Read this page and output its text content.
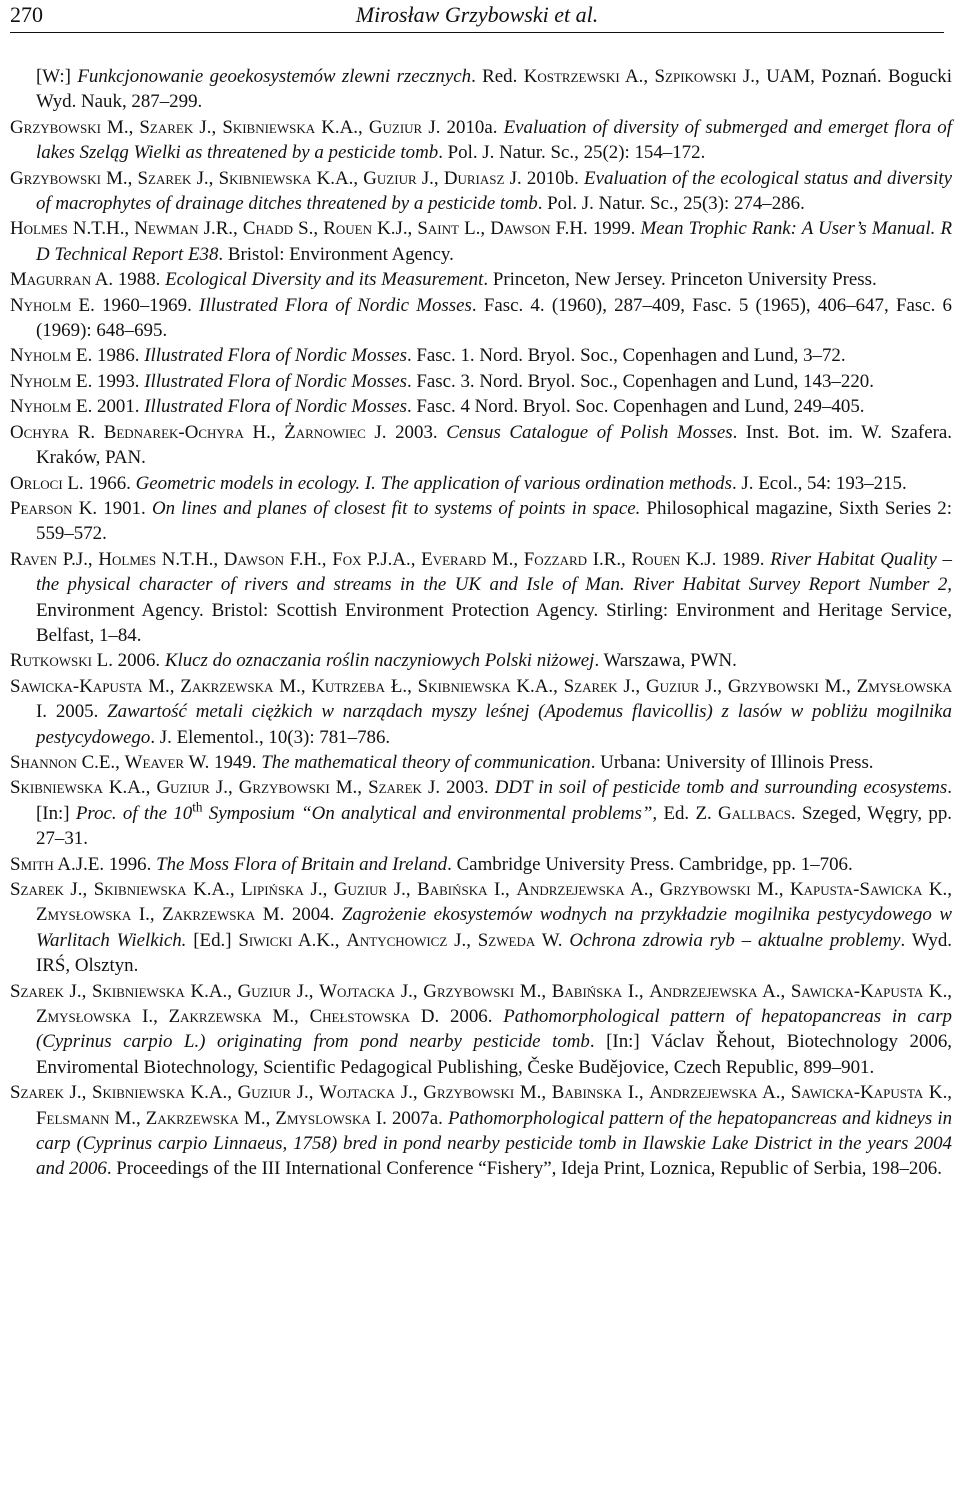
270	Mirosław Grzybowski et al.

[W:] Funkcjonowanie geoekosystemów zlewni rzecznych. Red. Kostrzewski A., Szpikowski J., UAM, Poznań. Bogucki Wyd. Nauk, 287–299.

Grzybowski M., Szarek J., Skibniewska K.A., Guziur J. 2010a. Evaluation of diversity of submerged and emerget flora of lakes Szeląg Wielki as threatened by a pesticide tomb. Pol. J. Natur. Sc., 25(2): 154–172.

Grzybowski M., Szarek J., Skibniewska K.A., Guziur J., Duriasz J. 2010b. Evaluation of the ecological status and diversity of macrophytes of drainage ditches threatened by a pesticide tomb. Pol. J. Natur. Sc., 25(3): 274–286.

Holmes N.T.H., Newman J.R., Chadd S., Rouen K.J., Saint L., Dawson F.H. 1999. Mean Trophic Rank: A User’s Manual. R D Technical Report E38. Bristol: Environment Agency.

Magurran A. 1988. Ecological Diversity and its Measurement. Princeton, New Jersey. Princeton University Press.

Nyholm E. 1960–1969. Illustrated Flora of Nordic Mosses. Fasc. 4. (1960), 287–409, Fasc. 5 (1965), 406–647, Fasc. 6 (1969): 648–695.

Nyholm E. 1986. Illustrated Flora of Nordic Mosses. Fasc. 1. Nord. Bryol. Soc., Copenhagen and Lund, 3–72.

Nyholm E. 1993. Illustrated Flora of Nordic Mosses. Fasc. 3. Nord. Bryol. Soc., Copenhagen and Lund, 143–220.

Nyholm E. 2001. Illustrated Flora of Nordic Mosses. Fasc. 4 Nord. Bryol. Soc. Copenhagen and Lund, 249–405.

Ochyra R. Bednarek-Ochyra H., Żarnowiec J. 2003. Census Catalogue of Polish Mosses. Inst. Bot. im. W. Szafera. Kraków, PAN.

Orloci L. 1966. Geometric models in ecology. I. The application of various ordination methods. J. Ecol., 54: 193–215.

Pearson K. 1901. On lines and planes of closest fit to systems of points in space. Philosophical magazine, Sixth Series 2: 559–572.

Raven P.J., Holmes N.T.H., Dawson F.H., Fox P.J.A., Everard M., Fozzard I.R., Rouen K.J. 1989. River Habitat Quality – the physical character of rivers and streams in the UK and Isle of Man. River Habitat Survey Report Number 2, Environment Agency. Bristol: Scottish Environment Protection Agency. Stirling: Environment and Heritage Service, Belfast, 1–84.

Rutkowski L. 2006. Klucz do oznaczania roślin naczyniowych Polski niżowej. Warszawa, PWN.

Sawicka-Kapusta M., Zakrzewska M., Kutrzeba Ł., Skibniewska K.A., Szarek J., Guziur J., Grzybowski M., Zmysłowska I. 2005. Zawartość metali ciężkich w narządach myszy leśnej (Apodemus flavicollis) z lasów w pobliżu mogilnika pestycydowego. J. Elementol., 10(3): 781–786.

Shannon C.E., Weaver W. 1949. The mathematical theory of communication. Urbana: University of Illinois Press.

Skibniewska K.A., Guziur J., Grzybowski M., Szarek J. 2003. DDT in soil of pesticide tomb and surrounding ecosystems. [In:] Proc. of the 10th Symposium “On analytical and environmental problems”, Ed. Z. Gallbacs. Szeged, Węgry, pp. 27–31.

Smith A.J.E. 1996. The Moss Flora of Britain and Ireland. Cambridge University Press. Cambridge, pp. 1–706.

Szarek J., Skibniewska K.A., Lipińska J., Guziur J., Babińska I., Andrzejewska A., Grzybowski M., Kapusta-Sawicka K., Zmysłowska I., Zakrzewska M. 2004. Zagrożenie ekosystemów wodnych na przykładzie mogilnika pestycydowego w Warlitach Wielkich. [Ed.] Siwicki A.K., Antychowicz J., Szweda W. Ochrona zdrowia ryb – aktualne problemy. Wyd. IRŚ, Olsztyn.

Szarek J., Skibniewska K.A., Guziur J., Wojtacka J., Grzybowski M., Babińska I., Andrzejewska A., Sawicka-Kapusta K., Zmysłowska I., Zakrzewska M., Chełstowska D. 2006. Pathomorphological pattern of hepatopancreas in carp (Cyprinus carpio L.) originating from pond nearby pesticide tomb. [In:] Václav Řehout, Biotechnology 2006, Enviromental Biotechnology, Scientific Pedagogical Publishing, Česke Budějovice, Czech Republic, 899–901.

Szarek J., Skibniewska K.A., Guziur J., Wojtacka J., Grzybowski M., Babinska I., Andrzejewska A., Sawicka-Kapusta K., Felsmann M., Zakrzewska M., Zmyslowska I. 2007a. Pathomorphological pattern of the hepatopancreas and kidneys in carp (Cyprinus carpio Linnaeus, 1758) bred in pond nearby pesticide tomb in Ilawskie Lake District in the years 2004 and 2006. Proceedings of the III International Conference “Fishery”, Ideja Print, Loznica, Republic of Serbia, 198–206.
